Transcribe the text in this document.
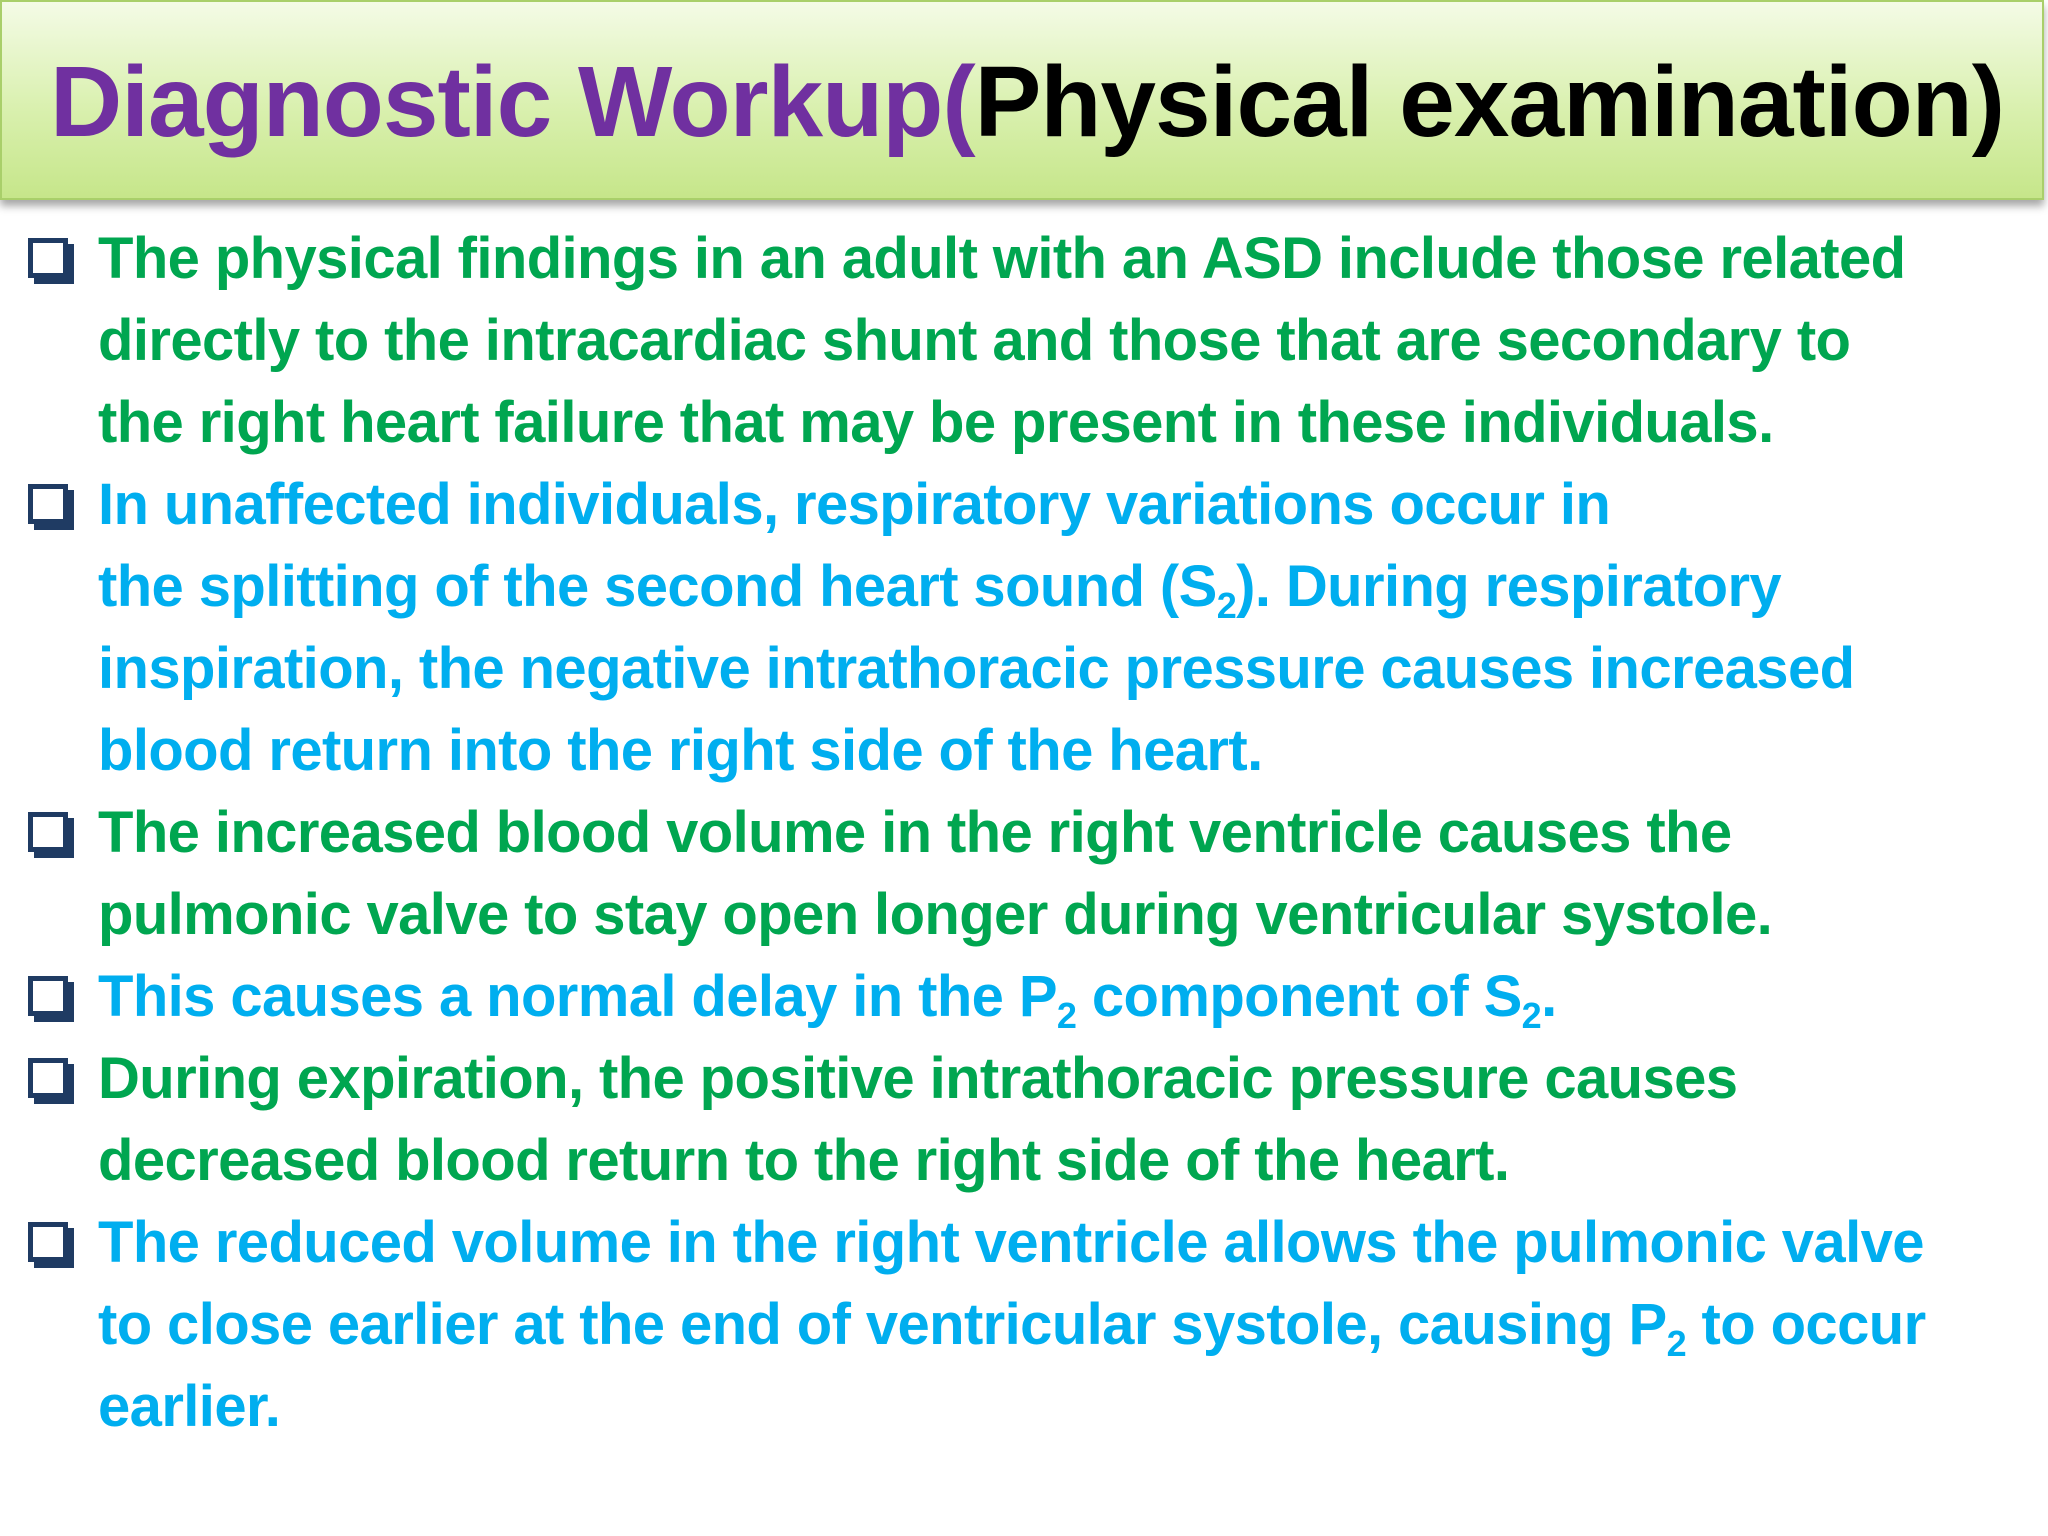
Diagnostic Workup(Physical examination)
The physical findings in an adult with an ASD include those related
directly to the intracardiac shunt and those that are secondary to
the right heart failure that may be present in these individuals.
In unaffected individuals, respiratory variations occur in
the splitting of the second heart sound $(S_2)$. During respiratory
inspiration, the negative intrathoracic pressure causes increased
blood return into the right side of the heart.
The increased blood volume in the right ventricle causes the
pulmonic valve to stay open longer during ventricular systole.
This causes a normal delay in the $P_2$ component of $S_2$.
During expiration, the positive intrathoracic pressure causes
decreased blood return to the right side of the heart.
The reduced volume in the right ventricle allows the pulmonic valve
to close earlier at the end of ventricular systole, causing $P_2$ to occur
earlier.
